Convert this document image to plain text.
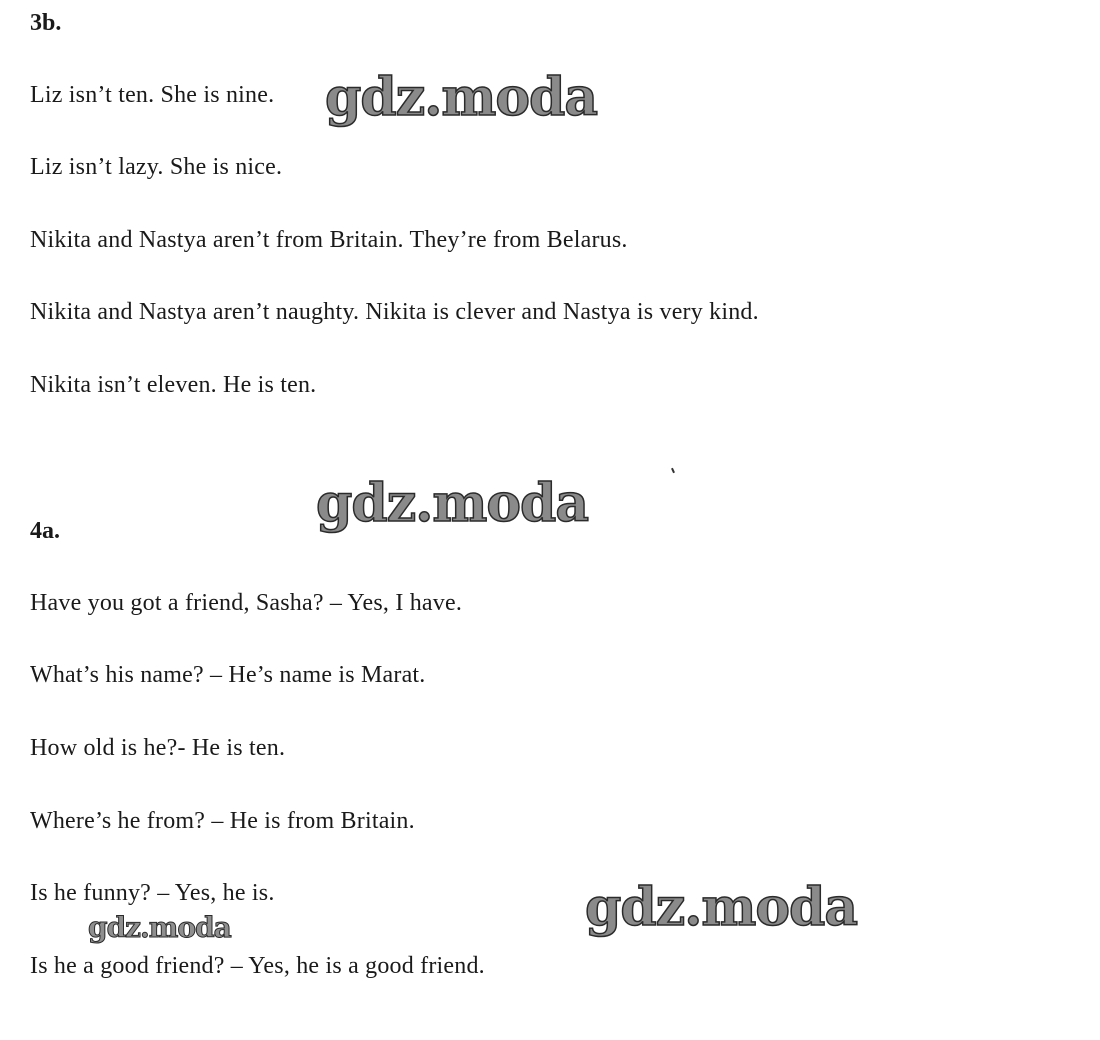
3b.

Liz isn’t ten. She is nine.

Liz isn’t lazy. She is nice.

Nikita and Nastya aren’t from Britain. They’re from Belarus.

Nikita and Nastya aren’t naughty. Nikita is clever and Nastya is very kind.

Nikita isn’t eleven. He is ten.

4a.

Have you got a friend, Sasha? – Yes, I have.

What’s his name? – He’s name is Marat.

How old is he?- He is ten.

Where’s he from? – He is from Britain.

Is he funny? – Yes, he is.

Is he a good friend? – Yes, he is a good friend.

gdz.moda
gdz.moda
gdz.moda
gdz.moda
